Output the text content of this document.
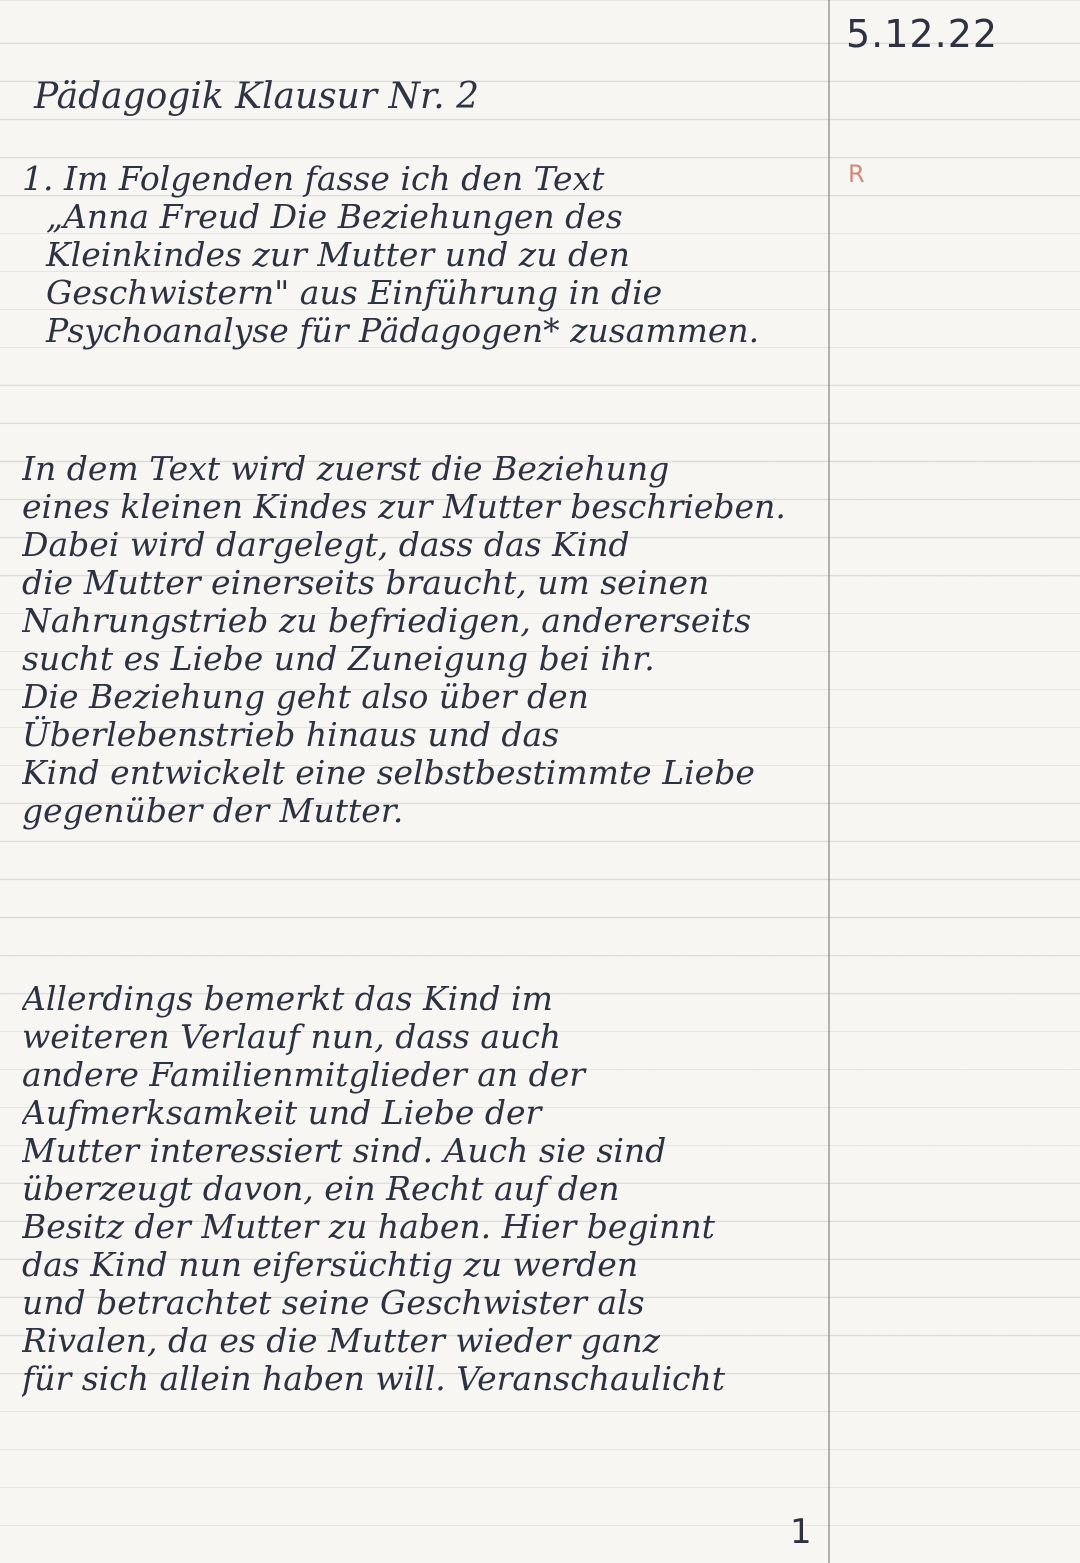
5.12.22
R
Pädagogik Klausur Nr. 2
1. Im Folgenden fasse ich den Text
„Anna Freud Die Beziehungen des
Kleinkindes zur Mutter und zu den
Geschwistern" aus Einführung in die
Psychoanalyse für Pädagogen* zusammen.
In dem Text wird zuerst die Beziehung
eines kleinen Kindes zur Mutter beschrieben.
Dabei wird dargelegt, dass das Kind
die Mutter einerseits braucht, um seinen
Nahrungstrieb zu befriedigen, andererseits
sucht es Liebe und Zuneigung bei ihr.
Die Beziehung geht also über den
Überlebenstrieb hinaus und das
Kind entwickelt eine selbstbestimmte Liebe
gegenüber der Mutter.
Allerdings bemerkt das Kind im
weiteren Verlauf nun, dass auch
andere Familienmitglieder an der
Aufmerksamkeit und Liebe der
Mutter interessiert sind. Auch sie sind
überzeugt davon, ein Recht auf den
Besitz der Mutter zu haben. Hier beginnt
das Kind nun eifersüchtig zu werden
und betrachtet seine Geschwister als
Rivalen, da es die Mutter wieder ganz
für sich allein haben will. Veranschaulicht
1
